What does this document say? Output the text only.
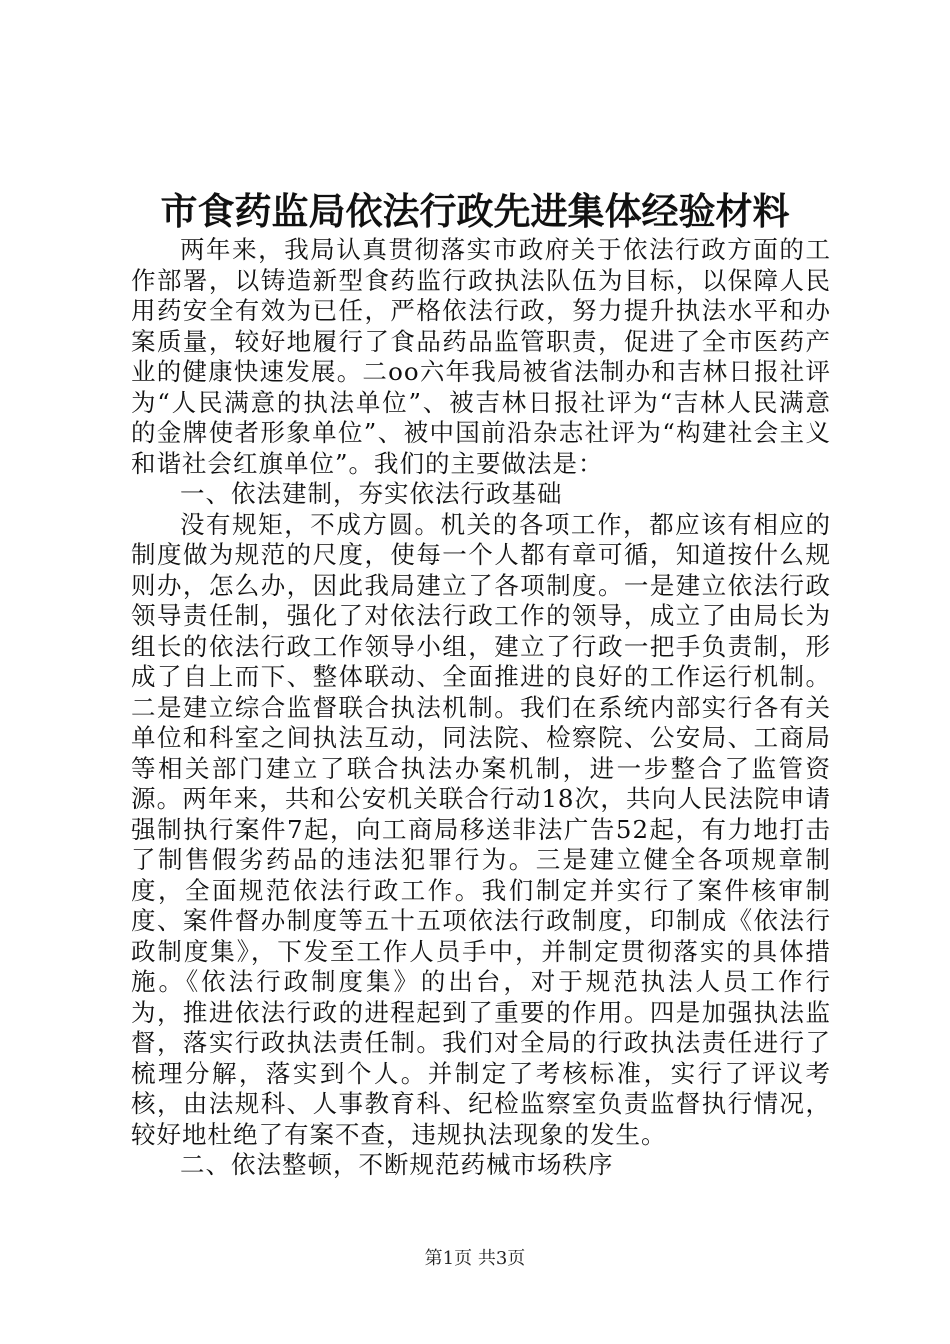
市食药监局依法行政先进集体经验材料

两年来，我局认真贯彻落实市政府关于依法行政方面的工作部署，以铸造新型食药监行政执法队伍为目标，以保障人民用药安全有效为已任，严格依法行政，努力提升执法水平和办案质量，较好地履行了食品药品监管职责，促进了全市医药产业的健康快速发展。二oo六年我局被省法制办和吉林日报社评为“人民满意的执法单位”、被吉林日报社评为“吉林人民满意的金牌使者形象单位”、被中国前沿杂志社评为“构建社会主义和谐社会红旗单位”。我们的主要做法是：

一、依法建制，夯实依法行政基础

没有规矩，不成方圆。机关的各项工作，都应该有相应的制度做为规范的尺度，使每一个人都有章可循，知道按什么规则办，怎么办，因此我局建立了各项制度。一是建立依法行政领导责任制，强化了对依法行政工作的领导，成立了由局长为组长的依法行政工作领导小组，建立了行政一把手负责制，形成了自上而下、整体联动、全面推进的良好的工作运行机制。二是建立综合监督联合执法机制。我们在系统内部实行各有关单位和科室之间执法互动，同法院、检察院、公安局、工商局等相关部门建立了联合执法办案机制，进一步整合了监管资源。两年来，共和公安机关联合行动18次，共向人民法院申请强制执行案件7起，向工商局移送非法广告52起，有力地打击了制售假劣药品的违法犯罪行为。三是建立健全各项规章制度，全面规范依法行政工作。我们制定并实行了案件核审制度、案件督办制度等五十五项依法行政制度，印制成《依法行政制度集》，下发至工作人员手中，并制定贯彻落实的具体措施。《依法行政制度集》的出台，对于规范执法人员工作行为，推进依法行政的进程起到了重要的作用。四是加强执法监督，落实行政执法责任制。我们对全局的行政执法责任进行了梳理分解，落实到个人。并制定了考核标准，实行了评议考核，由法规科、人事教育科、纪检监察室负责监督执行情况，较好地杜绝了有案不查，违规执法现象的发生。

二、依法整顿，不断规范药械市场秩序

第1页 共3页
